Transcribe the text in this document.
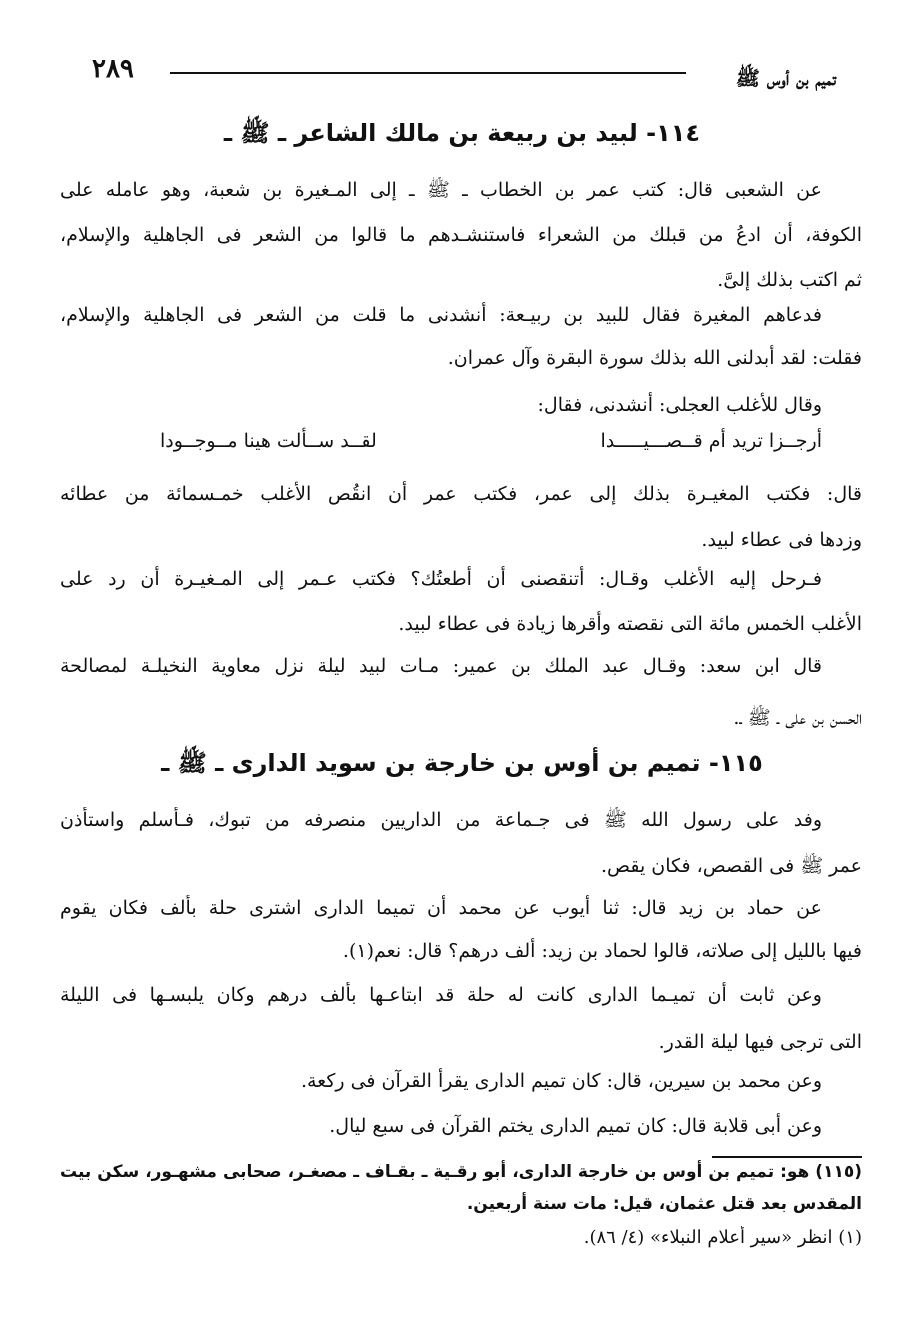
تميم بن أوس ﷺ
٢٨٩
١١٤- لبيد بن ربيعة بن مالك الشاعر ـ ﷺ ـ
عن الشعبى قال: كتب عمر بن الخطاب ـ ﷺ ـ إلى المـغيرة بن شعبة، وهو عامله على
الكوفة، أن ادعُ من قبلك من الشعراء فاستنشـدهم ما قالوا من الشعر فى الجاهلية والإسلام،
ثم اكتب بذلك إلىَّ.
فدعاهم المغيرة فقال للبيد بن ربيـعة: أنشدنى ما قلت من الشعر فى الجاهلية والإسلام،
فقلت: لقد أبدلنى الله بذلك سورة البقرة وآل عمران.
وقال للأغلب العجلى: أنشدنى، فقال:
أرجــزا تريد أم قــصـــيـــــدا
لقــد ســألت هينا مــوجــودا
قال: فكتب المغيـرة بذلك إلى عمر، فكتب عمر أن انقُص الأغلب خمـسمائة من عطائه
وزدها فى عطاء لبيد.
فـرحل إليه الأغلب وقـال: أتنقصنى أن أطعتُك؟ فكتب عـمر إلى المـغيـرة أن رد على
الأغلب الخمس مائة التى نقصته وأقرها زيادة فى عطاء لبيد.
قال ابن سعد: وقـال عبد الملك بن عمير: مـات لبيد ليلة نزل معاوية النخيلـة لمصالحة
الحسن بن على ـ ﷺ ـ.
١١٥- تميم بن أوس بن خارجة بن سويد الدارى ـ ﷺ ـ
وفد على رسول الله ﷺ فى جـماعة من الداريين منصرفه من تبوك، فـأسلم واستأذن
عمر ﷺ فى القصص، فكان يقص.
عن حماد بن زيد قال: ثنا أيوب عن محمد أن تميما الدارى اشترى حلة بألف فكان يقوم
فيها بالليل إلى صلاته، قالوا لحماد بن زيد: ألف درهم؟ قال: نعم(١).
وعن ثابت أن تميـما الدارى كانت له حلة قد ابتاعـها بألف درهم وكان يلبسـها فى الليلة
التى ترجى فيها ليلة القدر.
وعن محمد بن سيرين، قال: كان تميم الدارى يقرأ القرآن فى ركعة.
وعن أبى قلابة قال: كان تميم الدارى يختم القرآن فى سبع ليال.
(١١٥) هو: تميم بن أوس بن خارجة الدارى، أبو رقـية ـ بقـاف ـ مصغـر، صحابى مشهـور، سكن بيت
المقدس بعد قتل عثمان، قيل: مات سنة أربعين.
(١) انظر «سير أعلام النبلاء» (٤/ ٨٦).
